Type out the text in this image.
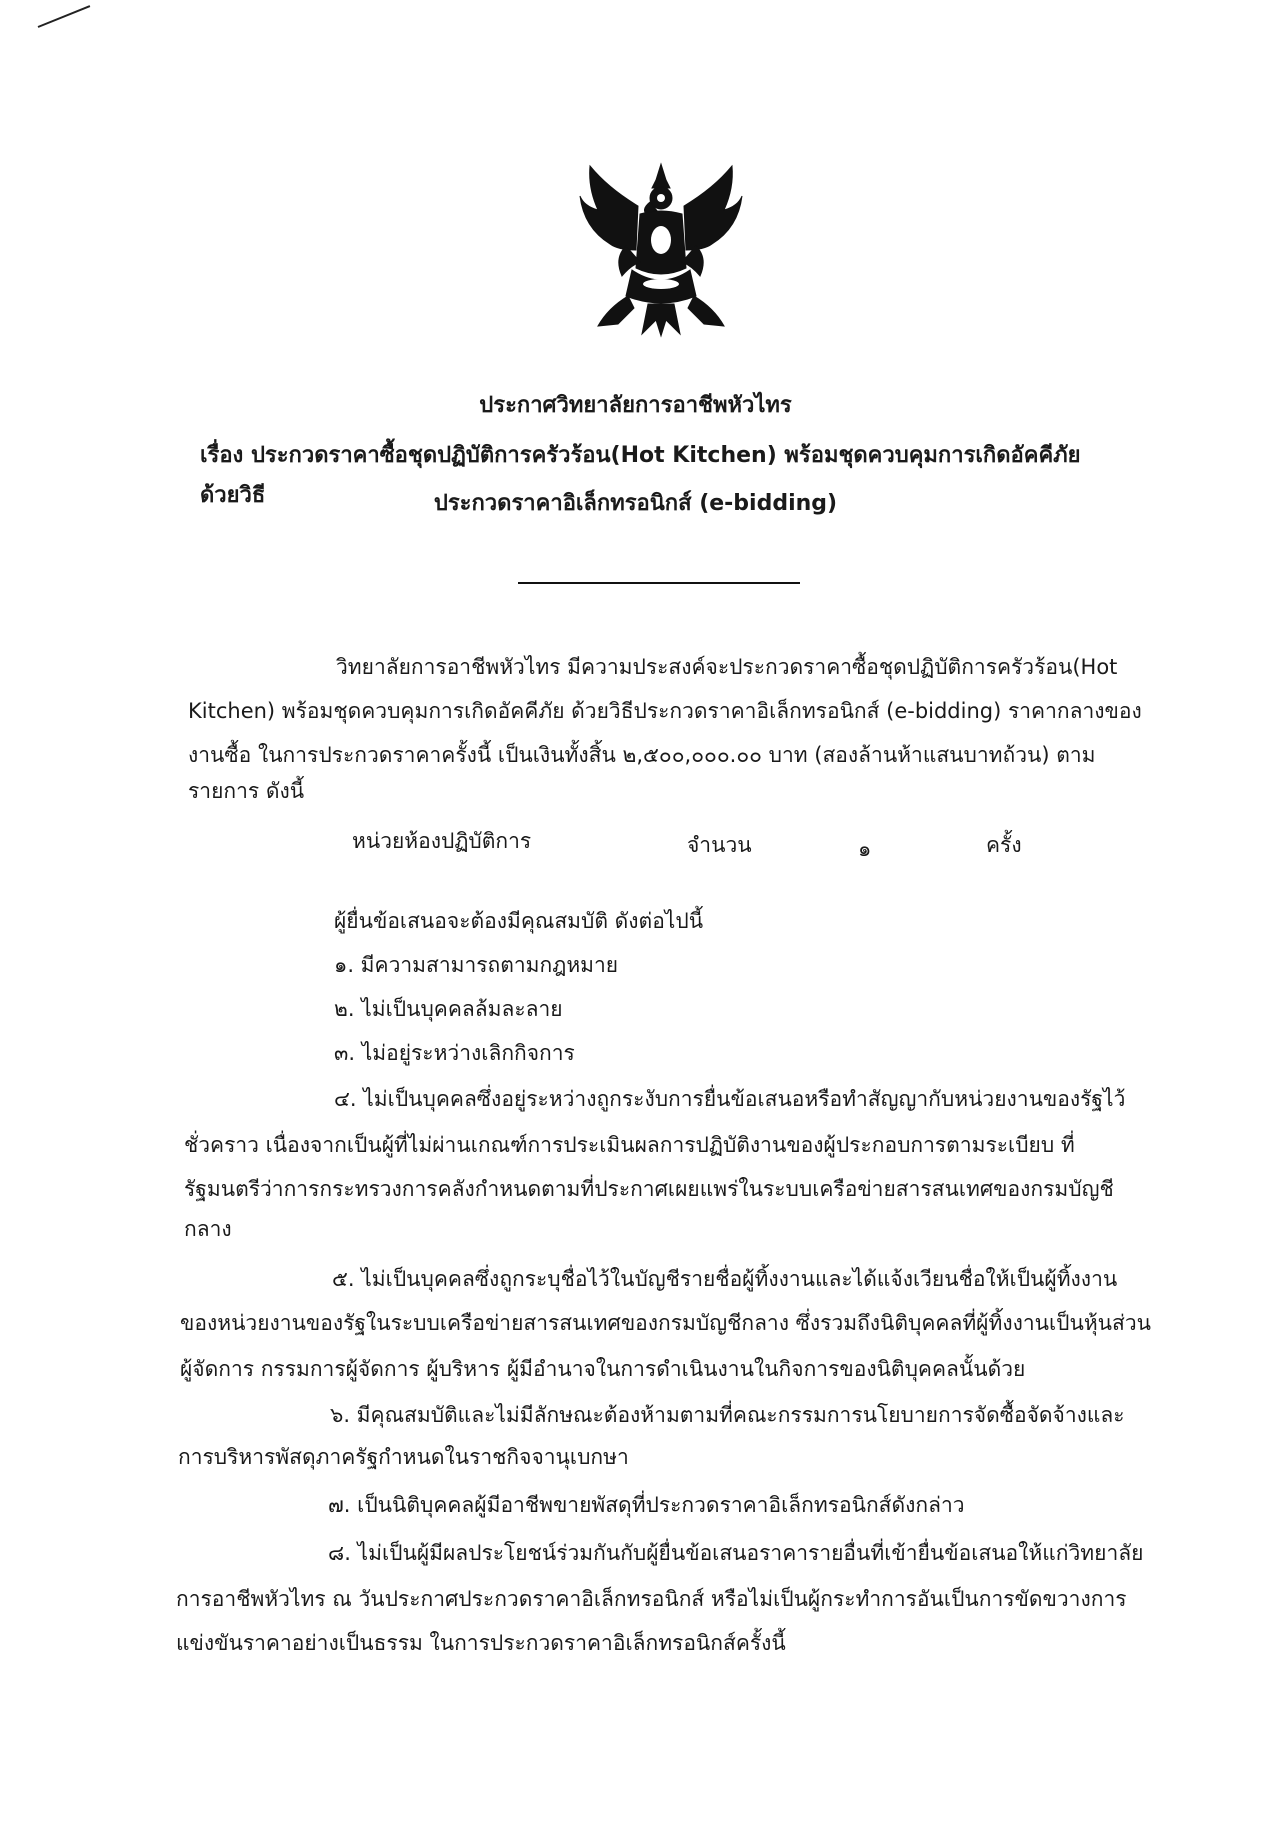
ประกาศวิทยาลัยการอาชีพหัวไทร
เรื่อง ประกวดราคาซื้อชุดปฏิบัติการครัวร้อน(Hot Kitchen) พร้อมชุดควบคุมการเกิดอัคคีภัย ด้วยวิธี	ประกวดราคาอิเล็กทรอนิกส์ (e-bidding)
วิทยาลัยการอาชีพหัวไทร มีความประสงค์จะประกวดราคาซื้อชุดปฏิบัติการครัวร้อน(Hot
Kitchen) พร้อมชุดควบคุมการเกิดอัคคีภัย ด้วยวิธีประกวดราคาอิเล็กทรอนิกส์ (e-bidding) ราคากลางของ
งานซื้อ ในการประกวดราคาครั้งนี้ เป็นเงินทั้งสิ้น ๒,๕๐๐,๐๐๐.๐๐ บาท (สองล้านห้าแสนบาทถ้วน) ตาม
รายการ ดังนี้
หน่วยห้องปฏิบัติการ	จำนวน	๑	ครั้ง
ผู้ยื่นข้อเสนอจะต้องมีคุณสมบัติ ดังต่อไปนี้
๑. มีความสามารถตามกฎหมาย
๒. ไม่เป็นบุคคลล้มละลาย
๓. ไม่อยู่ระหว่างเลิกกิจการ
๔. ไม่เป็นบุคคลซึ่งอยู่ระหว่างถูกระงับการยื่นข้อเสนอหรือทำสัญญากับหน่วยงานของรัฐไว้
ชั่วคราว เนื่องจากเป็นผู้ที่ไม่ผ่านเกณฑ์การประเมินผลการปฏิบัติงานของผู้ประกอบการตามระเบียบ ที่
รัฐมนตรีว่าการกระทรวงการคลังกำหนดตามที่ประกาศเผยแพร่ในระบบเครือข่ายสารสนเทศของกรมบัญชี
กลาง
๕. ไม่เป็นบุคคลซึ่งถูกระบุชื่อไว้ในบัญชีรายชื่อผู้ทิ้งงานและได้แจ้งเวียนชื่อให้เป็นผู้ทิ้งงาน
ของหน่วยงานของรัฐในระบบเครือข่ายสารสนเทศของกรมบัญชีกลาง ซึ่งรวมถึงนิติบุคคลที่ผู้ทิ้งงานเป็นหุ้นส่วน
ผู้จัดการ กรรมการผู้จัดการ ผู้บริหาร ผู้มีอำนาจในการดำเนินงานในกิจการของนิติบุคคลนั้นด้วย
๖. มีคุณสมบัติและไม่มีลักษณะต้องห้ามตามที่คณะกรรมการนโยบายการจัดซื้อจัดจ้างและ
การบริหารพัสดุภาครัฐกำหนดในราชกิจจานุเบกษา
๗. เป็นนิติบุคคลผู้มีอาชีพขายพัสดุที่ประกวดราคาอิเล็กทรอนิกส์ดังกล่าว
๘. ไม่เป็นผู้มีผลประโยชน์ร่วมกันกับผู้ยื่นข้อเสนอราคารายอื่นที่เข้ายื่นข้อเสนอให้แก่วิทยาลัย
การอาชีพหัวไทร ณ วันประกาศประกวดราคาอิเล็กทรอนิกส์ หรือไม่เป็นผู้กระทำการอันเป็นการขัดขวางการ
แข่งขันราคาอย่างเป็นธรรม ในการประกวดราคาอิเล็กทรอนิกส์ครั้งนี้
